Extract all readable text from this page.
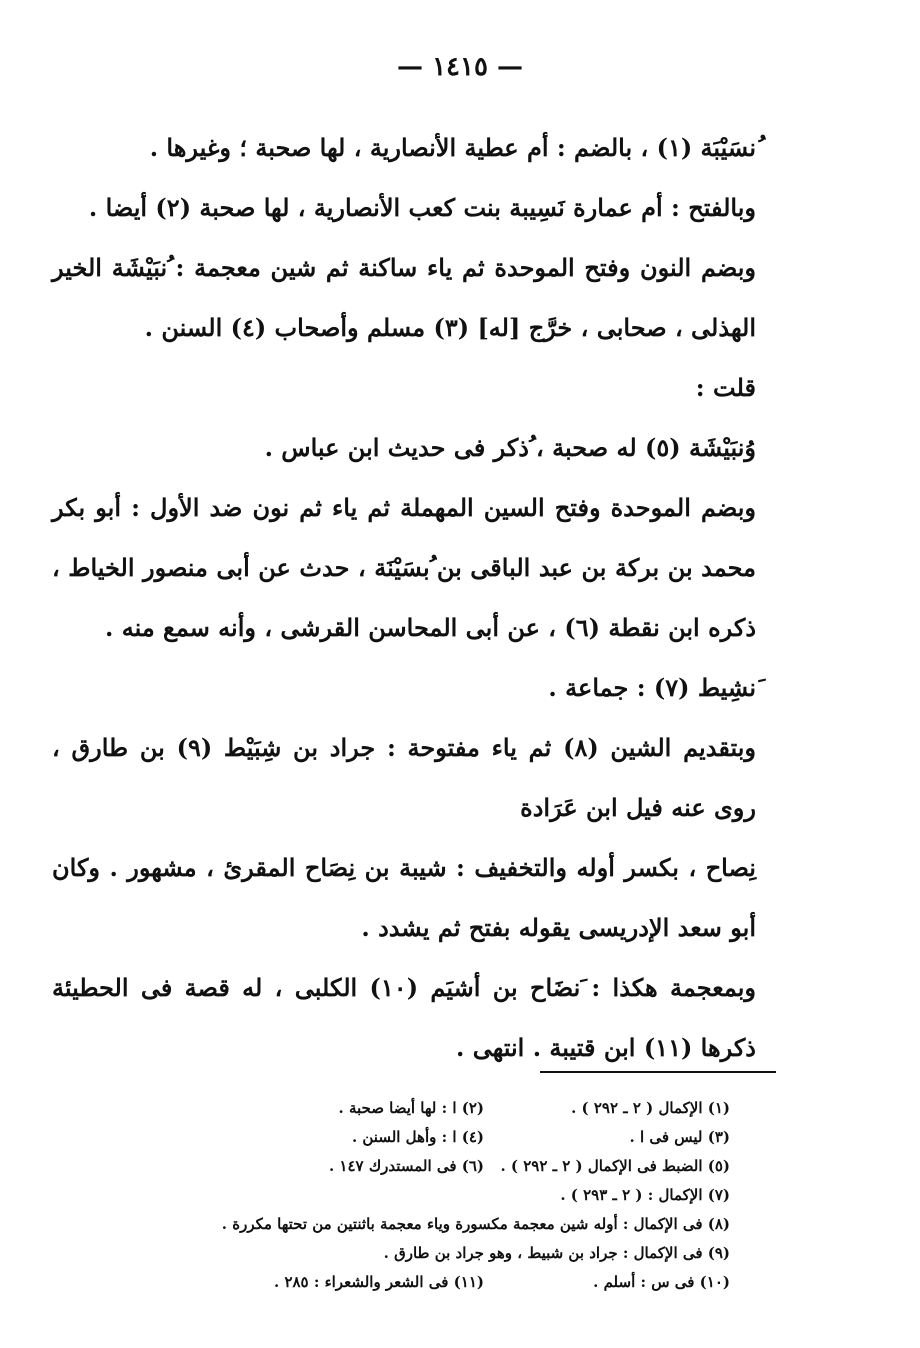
— ١٤١٥ —

ُنسَيْبَة (١) ، بالضم : أم عطية الأنصارية ، لها صحبة ؛ وغيرها .

وبالفتح : أم عمارة نَسِيبة بنت كعب الأنصارية ، لها صحبة (٢) أيضا .

وبضم النون وفتح الموحدة ثم ياء ساكنة ثم شين معجمة : ُنبَيْشَة الخير الهذلى ، صحابى ، خرَّج [له] (٣) مسلم وأصحاب (٤) السنن .

قلت :

وُنبَيْشَة (٥) له صحبة ، ُذكر فى حديث ابن عباس .

وبضم الموحدة وفتح السين المهملة ثم ياء ثم نون ضد الأول : أبو بكر محمد بن بركة بن عبد الباقى بن ُبسَيْنَة ، حدث عن أبى منصور الخياط ، ذكره ابن نقطة (٦) ، عن أبى المحاسن القرشى ، وأنه سمع منه .

َنشِيط (٧) : جماعة .

وبتقديم الشين (٨) ثم ياء مفتوحة : جراد بن شِبَيْط (٩) بن طارق ، روى عنه فيل ابن عَرَادة

نِصاح ، بكسر أوله والتخفيف : شيبة بن نِصَاح المقرئ ، مشهور . وكان أبو سعد الإدريسى يقوله بفتح ثم يشدد .

وبمعجمة هكذا : َنضَاح بن أشيَم (١٠) الكلبى ، له قصة فى الحطيئة ذكرها (١١) ابن قتيبة . انتهى .

(١) الإكمال ( ٢ ـ ٢٩٢ ) .
(٢) ا : لها أيضا صحبة .
(٣) ليس فى ا .
(٤) ا : وأهل السنن .
(٥) الضبط فى الإكمال ( ٢ ـ ٢٩٢ ) .
(٦) فى المستدرك ١٤٧ .
(٧) الإكمال : ( ٢ ـ ٢٩٣ ) .
(٨) فى الإكمال : أوله شين معجمة مكسورة وياء معجمة باثنتين من تحتها مكررة .
(٩) فى الإكمال : جراد بن شبيط ، وهو جراد بن طارق .
(١٠) فى س : أسلم .
(١١) فى الشعر والشعراء : ٢٨٥ .
